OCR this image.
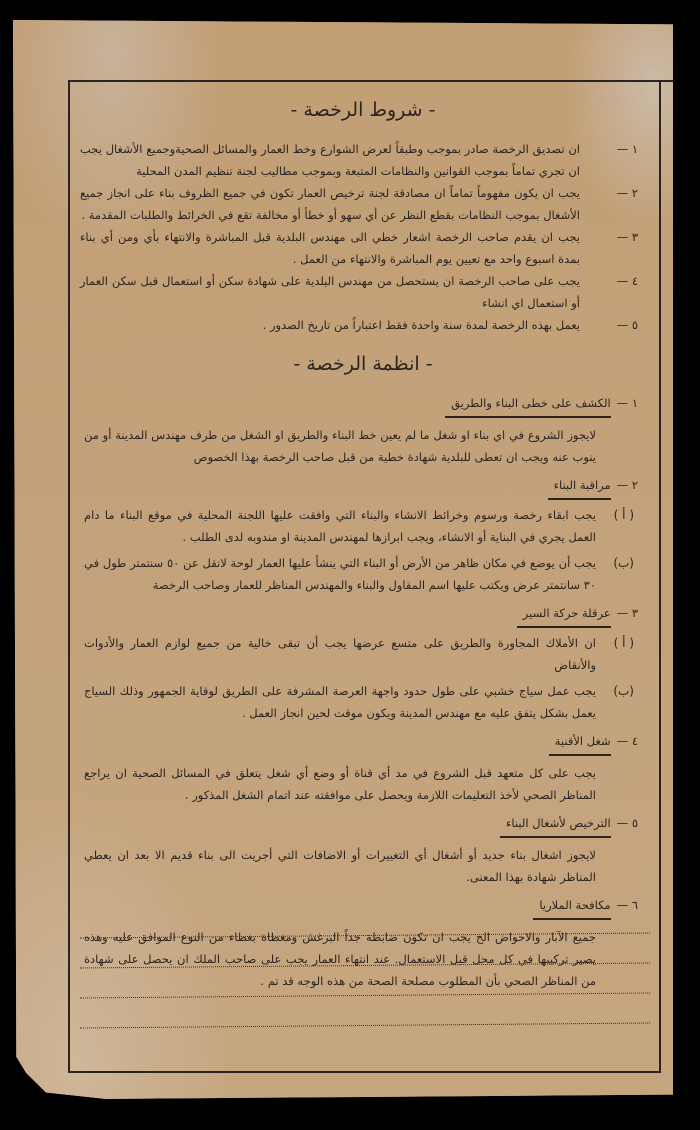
- شروط الرخصة -
١ —
ان تصديق الرخصة صادر بموجب وطبقاً لعرض الشوارع وخط العمار والمسائل الصحيةوجميع الأشغال يجب ان تجري تماماً بموجب القوانين والنظامات المتبعة وبموجب مطاليب لجنة تنظيم المدن المحلية
٢ —
يجب ان يكون مفهوماً تماماً ان مصادقة لجنة ترخيص العمار تكون في جميع الظروف بناء على انجاز جميع الأشغال بموجب النظامات بقطع النظر عن أي سهو أو خطأ أو مخالفة تقع في الخرائط والطلبات المقدمة .
٣ —
يجب ان يقدم صاحب الرخصة اشعار خطي الى مهندس البلدية قبل المباشرة والانتهاء بأي ومن أي بناء بمدة اسبوع واحد مع تعيين يوم المباشرة والانتهاء من العمل .
٤ —
يجب على صاحب الرخصة ان يستحصل من مهندس البلدية على شهادة سكن أو استعمال قبل سكن العمار أو استعمال اي انشاء
٥ —
يعمل بهذه الرخصة لمدة سنة واحدة فقط اعتباراً من تاريخ الصدور .
- انظمة الرخصة -
١ —الكشف على خطى البناء والطريق
لايجوز الشروع في اي بناء او شغل ما لم يعين خط البناء والطريق او الشغل من طرف مهندس المدينة أو من ينوب عنه ويجب ان تعطى للبلدية شهادة خطية من قبل صاحب الرخصة بهذا الخصوص
٢ —مراقبة البناء
( أ )
يجب ابقاء رخصة ورسوم وخرائط الانشاء والبناء التي وافقت عليها اللجنة المحلية في موقع البناء ما دام العمل يجري في البناية أو الانشاء، ويجب ابرازها لمهندس المدينة او مندوبه لدى الطلب .
(ب)
يجب أن يوضع في مكان ظاهر من الأرض أو البناء التي ينشأ عليها العمار لوحة لاتقل عن ٥٠ سنتمتر طول في ٣٠ سانتمتر عرض ويكتب عليها اسم المقاول والبناء والمهندس المناظر للعمار وصاحب الرخصة
٣ —عرقلة حركة السير
( أ )
ان الأملاك المجاورة والطريق على متسع عرضها يجب أن تبقى خالية من جميع لوازم العمار والأدوات والأنقاض
(ب)
يجب عمل سياج خشبي على طول حدود واجهة العرصة المشرفة على الطريق لوقاية الجمهور وذلك السياج يعمل بشكل يتفق عليه مع مهندس المدينة ويكون موقت لحين انجاز العمل .
٤ —شغل الأقنية
يجب على كل متعهد قبل الشروع في مد أي قناة أو وضع أي شغل يتعلق في المسائل الصحية ان يراجع المناظر الصحي لأخذ التعليمات اللازمة ويحصل على موافقته عند اتمام الشغل المذكور .
٥ —الترخيص لأشغال البناء
لايجوز اشغال بناء جديد أو أشغال أي التغييرات أو الاضافات التي أجريت الى بناء قديم الا بعد ان يعطي المناظر شهادة بهذا المعنى.
٦ —مكافحة الملاريا
جميع الآبار والاحواض الخ يجب ان تكون ضابطة جداً البرغش ومغطاة بغطاء من النوع الموافق عليه وهذه يصير تركيبها في كل محل قبل الاستعمال. عند انتهاء العمار يجب على صاحب الملك ان يحصل على شهادة من المناظر الصحي بأن المطلوب مصلحة الصحة من هذه الوجه قد تم .
